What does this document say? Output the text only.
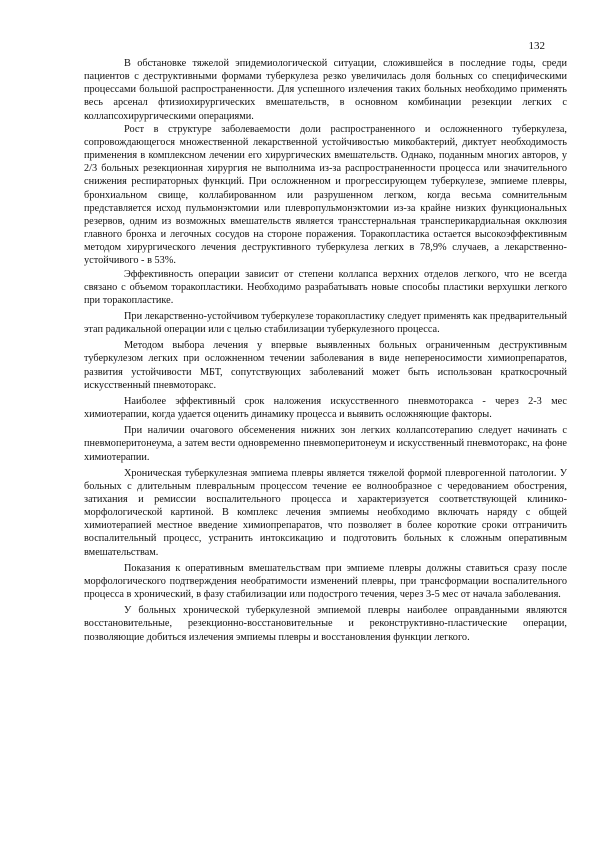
132

В обстановке тяжелой эпидемиологической ситуации, сложившейся в последние годы, среди пациентов с деструктивными формами туберкулеза резко увеличилась доля больных со специфическими процессами большой распространенности. Для успешного излечения таких больных необходимо применять весь арсенал фтизиохирургических вмешательств, в основном комбинации резекции легких с коллапсохирургическими операциями.

Рост в структуре заболеваемости доли распространенного и осложненного туберкулеза, сопровождающегося множественной лекарственной устойчивостью микобактерий, диктует необходимость применения в комплексном лечении его хирургических вмешательств. Однако, поданным многих авторов, у 2/3 больных резекционная хирургия не выполнима из-за распространенности процесса или значительного снижения респираторных функций. При осложненном и прогрессирующем туберкулезе, эмпиеме плевры, бронхиальном свище, коллабированном или разрушенном легком, когда весьма сомнительным представляется исход пульмонэктомии или плевропульмонэктомии из-за крайне низких функциональных резервов, одним из возможных вмешательств является трансстернальная трансперикардиальная окклюзия главного бронха и легочных сосудов на стороне поражения. Торакопластика остается высокоэффективным методом хирургического лечения деструктивного туберкулеза легких в 78,9% случаев, а лекарственно-устойчивого - в 53%.

Эффективность операции зависит от степени коллапса верхних отделов легкого, что не всегда связано с объемом торакопластики. Необходимо разрабатывать новые способы пластики верхушки легкого при торакопластике.

При лекарственно-устойчивом туберкулезе торакопластику следует применять как предварительный этап радикальной операции или с целью стабилизации туберкулезного процесса.

Методом выбора лечения у впервые выявленных больных ограниченным деструктивным туберкулезом легких при осложненном течении заболевания в виде непереносимости химиопрепаратов, развития устойчивости МБТ, сопутствующих заболеваний может быть использован краткосрочный искусственный пневмоторакс.

Наиболее эффективный срок наложения искусственного пневмоторакса - через 2-3 мес химиотерапии, когда удается оценить динамику процесса и выявить осложняющие факторы.

При наличии очагового обсеменения нижних зон легких коллапсотерапию следует начинать с пневмоперитонеума, а затем вести одновременно пневмоперитонеум и искусственный пневмоторакс, на фоне химиотерапии.

Хроническая туберкулезная эмпиема плевры является тяжелой формой плеврогенной патологии. У больных с длительным плевральным процессом течение ее волнообразное с чередованием обострения, затихания и ремиссии воспалительного процесса и характеризуется соответствующей клинико-морфологической картиной. В комплекс лечения эмпиемы необходимо включать наряду с общей химиотерапией местное введение химиопрепаратов, что позволяет в более короткие сроки отграничить воспалительный процесс, устранить интоксикацию и подготовить больных к сложным оперативным вмешательствам.

Показания к оперативным вмешательствам при эмпиеме плевры должны ставиться сразу после морфологического подтверждения необратимости изменений плевры, при трансформации воспалительного процесса в хронический, в фазу стабилизации или подострого течения, через 3-5 мес от начала заболевания.

У больных хронической туберкулезной эмпиемой плевры наиболее оправданными являются восстановительные, резекционно-восстановительные и реконструктивно-пластические операции, позволяющие добиться излечения эмпиемы плевры и восстановления функции легкого.
